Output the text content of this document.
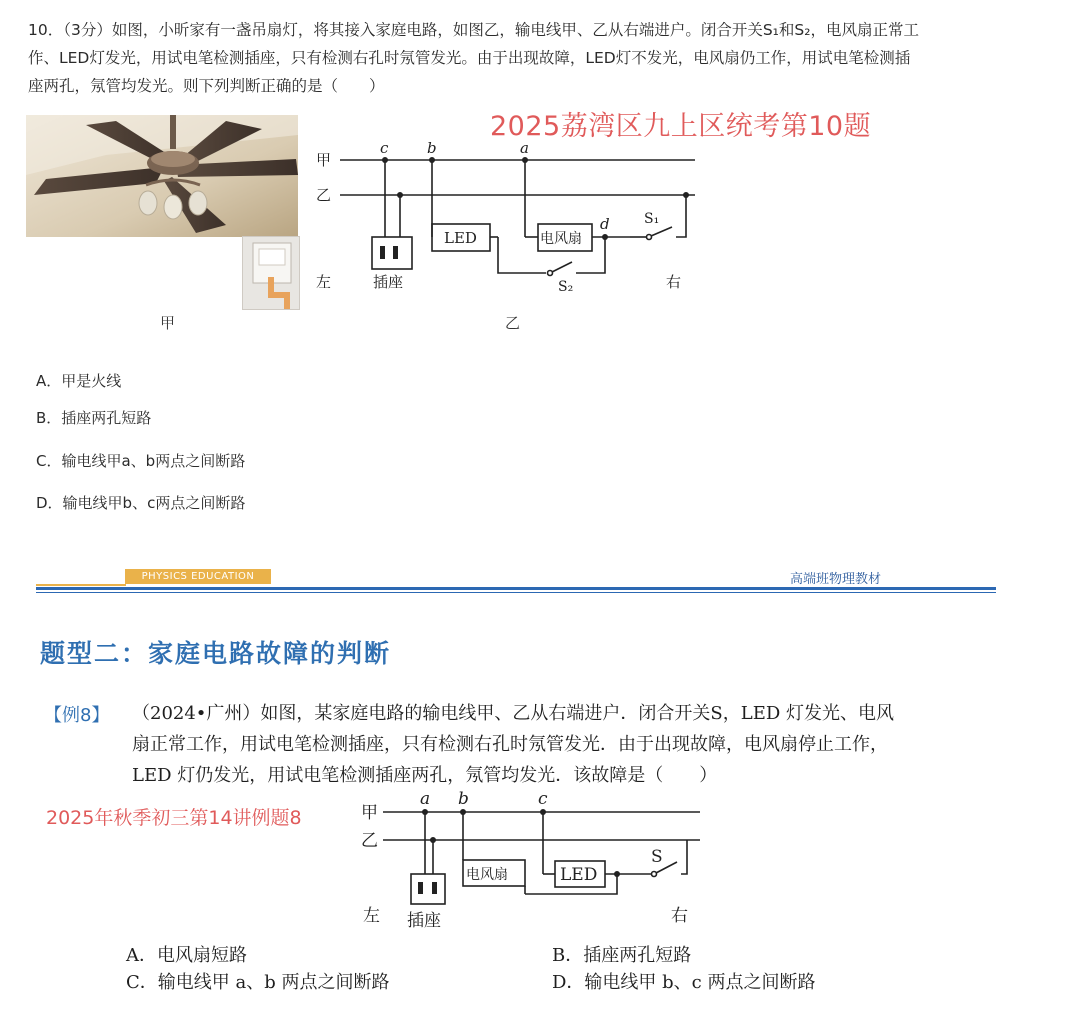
10．（3分）如图，小昕家有一盏吊扇灯，将其接入家庭电路，如图乙，输电线甲、乙从右端进户。闭合开关S₁和S₂，电风扇正常工
作、LED灯发光，用试电笔检测插座，只有检测右孔时氖管发光。由于出现故障，LED灯不发光，电风扇仍工作，用试电笔检测插
座两孔，氖管均发光。则下列判断正确的是（　　）
2025荔湾区九上区统考第10题
甲	乙
甲
乙
c	b	a
d
LED	电风扇
S₁
S₂
左	插座	右
A．甲是火线
B．插座两孔短路
C．输电线甲a、b两点之间断路
D．输电线甲b、c两点之间断路
PHYSICS EDUCATION	高端班物理教材
题型二：家庭电路故障的判断
【例8】 （2024•广州）如图，某家庭电路的输电线甲、乙从右端进户．闭合开关S，LED 灯发光、电风
扇正常工作，用试电笔检测插座，只有检测右孔时氖管发光．由于出现故障，电风扇停止工作，
LED 灯仍发光，用试电笔检测插座两孔，氖管均发光．该故障是（　　）
2025年秋季初三第14讲例题8	甲
乙
a b	c
电风扇	LED
S
左 插座	右
A．电风扇短路	B．插座两孔短路
C．输电线甲 a、b 两点之间断路	D．输电线甲 b、c 两点之间断路
